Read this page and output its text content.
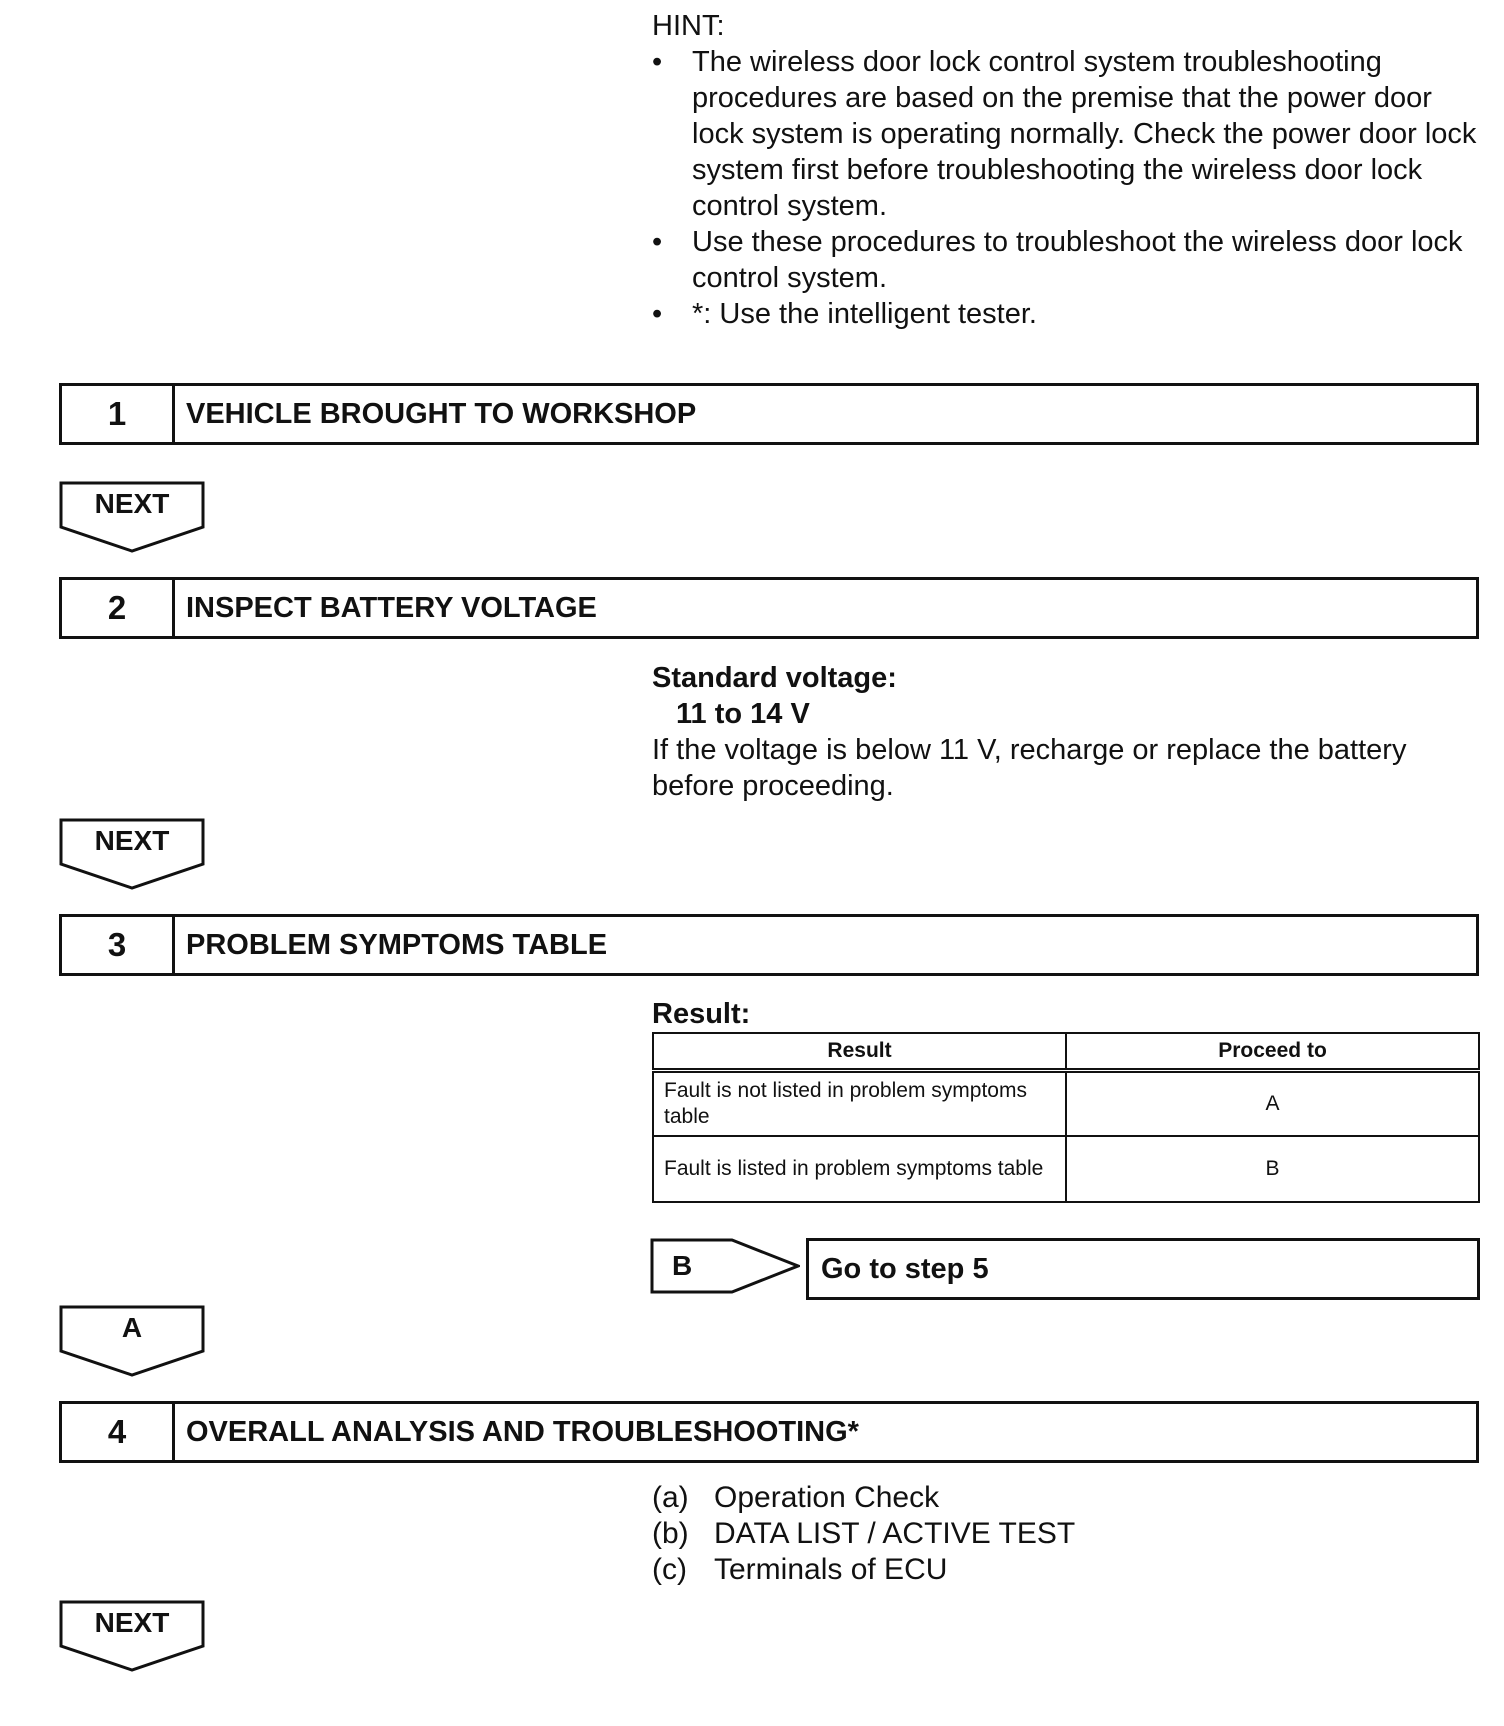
HINT:
• The wireless door lock control system troubleshooting procedures are based on the premise that the power door lock system is operating normally. Check the power door lock system first before troubleshooting the wireless door lock control system.
• Use these procedures to troubleshoot the wireless door lock control system.
• *: Use the intelligent tester.
1	VEHICLE BROUGHT TO WORKSHOP
NEXT
2	INSPECT BATTERY VOLTAGE
Standard voltage:
11 to 14 V
If the voltage is below 11 V, recharge or replace the battery before proceeding.
NEXT
3	PROBLEM SYMPTOMS TABLE
Result:
Result	Proceed to
Fault is not listed in problem symptoms table	A
Fault is listed in problem symptoms table	B
B	Go to step 5
A
4	OVERALL ANALYSIS AND TROUBLESHOOTING*
(a) Operation Check
(b) DATA LIST / ACTIVE TEST
(c) Terminals of ECU
NEXT
